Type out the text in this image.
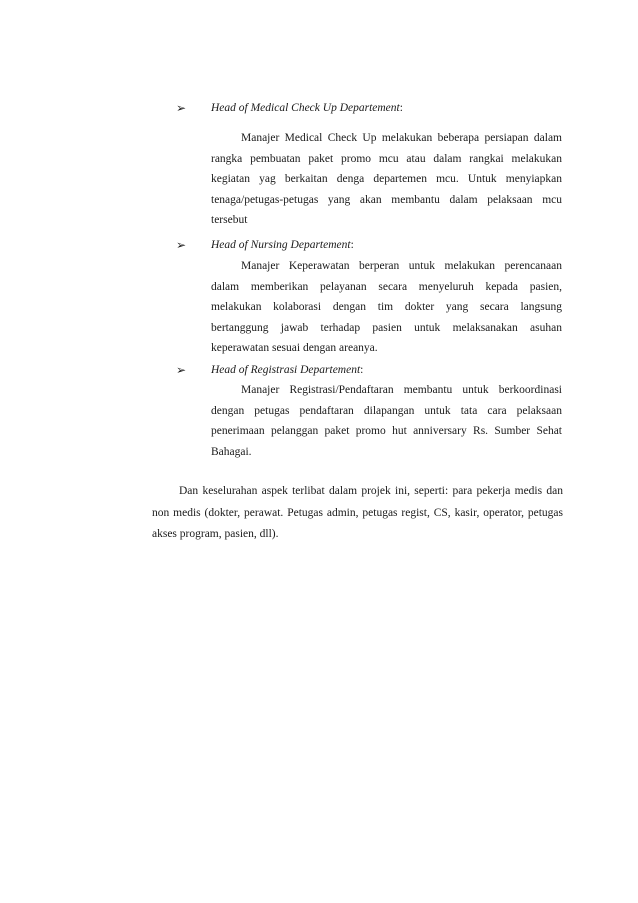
➢ Head of Medical Check Up Departement:
Manajer Medical Check Up melakukan beberapa persiapan dalam
rangka pembuatan paket promo mcu atau dalam rangkai melakukan
kegiatan yag berkaitan denga departemen mcu. Untuk menyiapkan
tenaga/petugas-petugas yang akan membantu dalam pelaksaan mcu
tersebut
➢ Head of Nursing Departement:
Manajer Keperawatan berperan untuk melakukan perencanaan
dalam memberikan pelayanan secara menyeluruh kepada pasien,
melakukan kolaborasi dengan tim dokter yang secara langsung
bertanggung jawab terhadap pasien untuk melaksanakan asuhan
keperawatan sesuai dengan areanya.
➢ Head of Registrasi Departement:
Manajer Registrasi/Pendaftaran membantu untuk berkoordinasi
dengan petugas pendaftaran dilapangan untuk tata cara pelaksaan
penerimaan pelanggan paket promo hut anniversary Rs. Sumber Sehat
Bahagai.
Dan keselurahan aspek terlibat dalam projek ini, seperti: para pekerja medis dan
non medis (dokter, perawat. Petugas admin, petugas regist, CS, kasir, operator, petugas
akses program, pasien, dll).
